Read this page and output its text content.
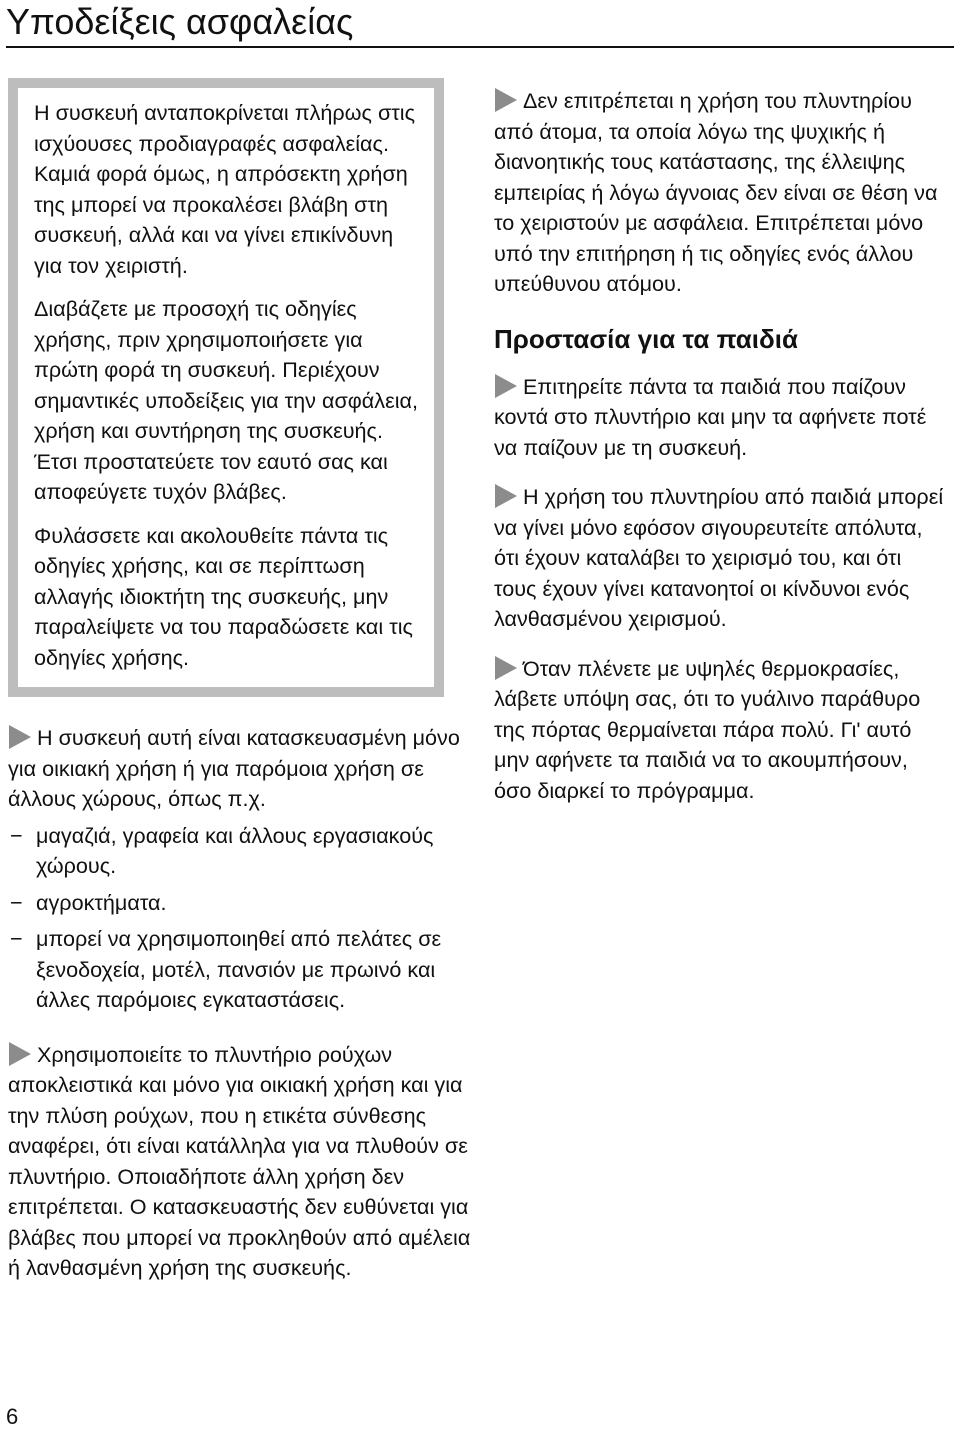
Υποδείξεις ασφαλείας

Η συσκευή ανταποκρίνεται πλήρως στις ισχύουσες προδιαγραφές ασφαλείας. Καμιά φορά όμως, η απρόσεκτη χρήση της μπορεί να προκαλέσει βλάβη στη συσκευή, αλλά και να γίνει επικίνδυνη για τον χειριστή.

Διαβάζετε με προσοχή τις οδηγίες χρήσης, πριν χρησιμοποιήσετε για πρώτη φορά τη συσκευή. Περιέχουν σημαντικές υποδείξεις για την ασφάλεια, χρήση και συντήρηση της συσκευής. Έτσι προστατεύετε τον εαυτό σας και αποφεύγετε τυχόν βλάβες.

Φυλάσσετε και ακολουθείτε πάντα τις οδηγίες χρήσης, και σε περίπτωση αλλαγής ιδιοκτήτη της συσκευής, μην παραλείψετε να του παραδώσετε και τις οδηγίες χρήσης.

Η συσκευή αυτή είναι κατασκευασμένη μόνο για οικιακή χρήση ή για παρόμοια χρήση σε άλλους χώρους, όπως π.χ.

− μαγαζιά, γραφεία και άλλους εργασιακούς χώρους.
− αγροκτήματα.
− μπορεί να χρησιμοποιηθεί από πελάτες σε ξενοδοχεία, μοτέλ, πανσιόν με πρωινό και άλλες παρόμοιες εγκαταστάσεις.

Χρησιμοποιείτε το πλυντήριο ρούχων αποκλειστικά και μόνο για οικιακή χρήση και για την πλύση ρούχων, που η ετικέτα σύνθεσης αναφέρει, ότι είναι κατάλληλα για να πλυθούν σε πλυντήριο. Οποιαδήποτε άλλη χρήση δεν επιτρέπεται. Ο κατασκευαστής δεν ευθύνεται για βλάβες που μπορεί να προκληθούν από αμέλεια ή λανθασμένη χρήση της συσκευής.

Δεν επιτρέπεται η χρήση του πλυντηρίου από άτομα, τα οποία λόγω της ψυχικής ή διανοητικής τους κατάστασης, της έλλειψης εμπειρίας ή λόγω άγνοιας δεν είναι σε θέση να το χειριστούν με ασφάλεια. Επιτρέπεται μόνο υπό την επιτήρηση ή τις οδηγίες ενός άλλου υπεύθυνου ατόμου.

Προστασία για τα παιδιά

Επιτηρείτε πάντα τα παιδιά που παίζουν κοντά στο πλυντήριο και μην τα αφήνετε ποτέ να παίζουν με τη συσκευή.

Η χρήση του πλυντηρίου από παιδιά μπορεί να γίνει μόνο εφόσον σιγουρευτείτε απόλυτα, ότι έχουν καταλάβει το χειρισμό του, και ότι τους έχουν γίνει κατανοητοί οι κίνδυνοι ενός λανθασμένου χειρισμού.

Όταν πλένετε με υψηλές θερμοκρασίες, λάβετε υπόψη σας, ότι το γυάλινο παράθυρο της πόρτας θερμαίνεται πάρα πολύ. Γι' αυτό μην αφήνετε τα παιδιά να το ακουμπήσουν, όσο διαρκεί το πρόγραμμα.

6
